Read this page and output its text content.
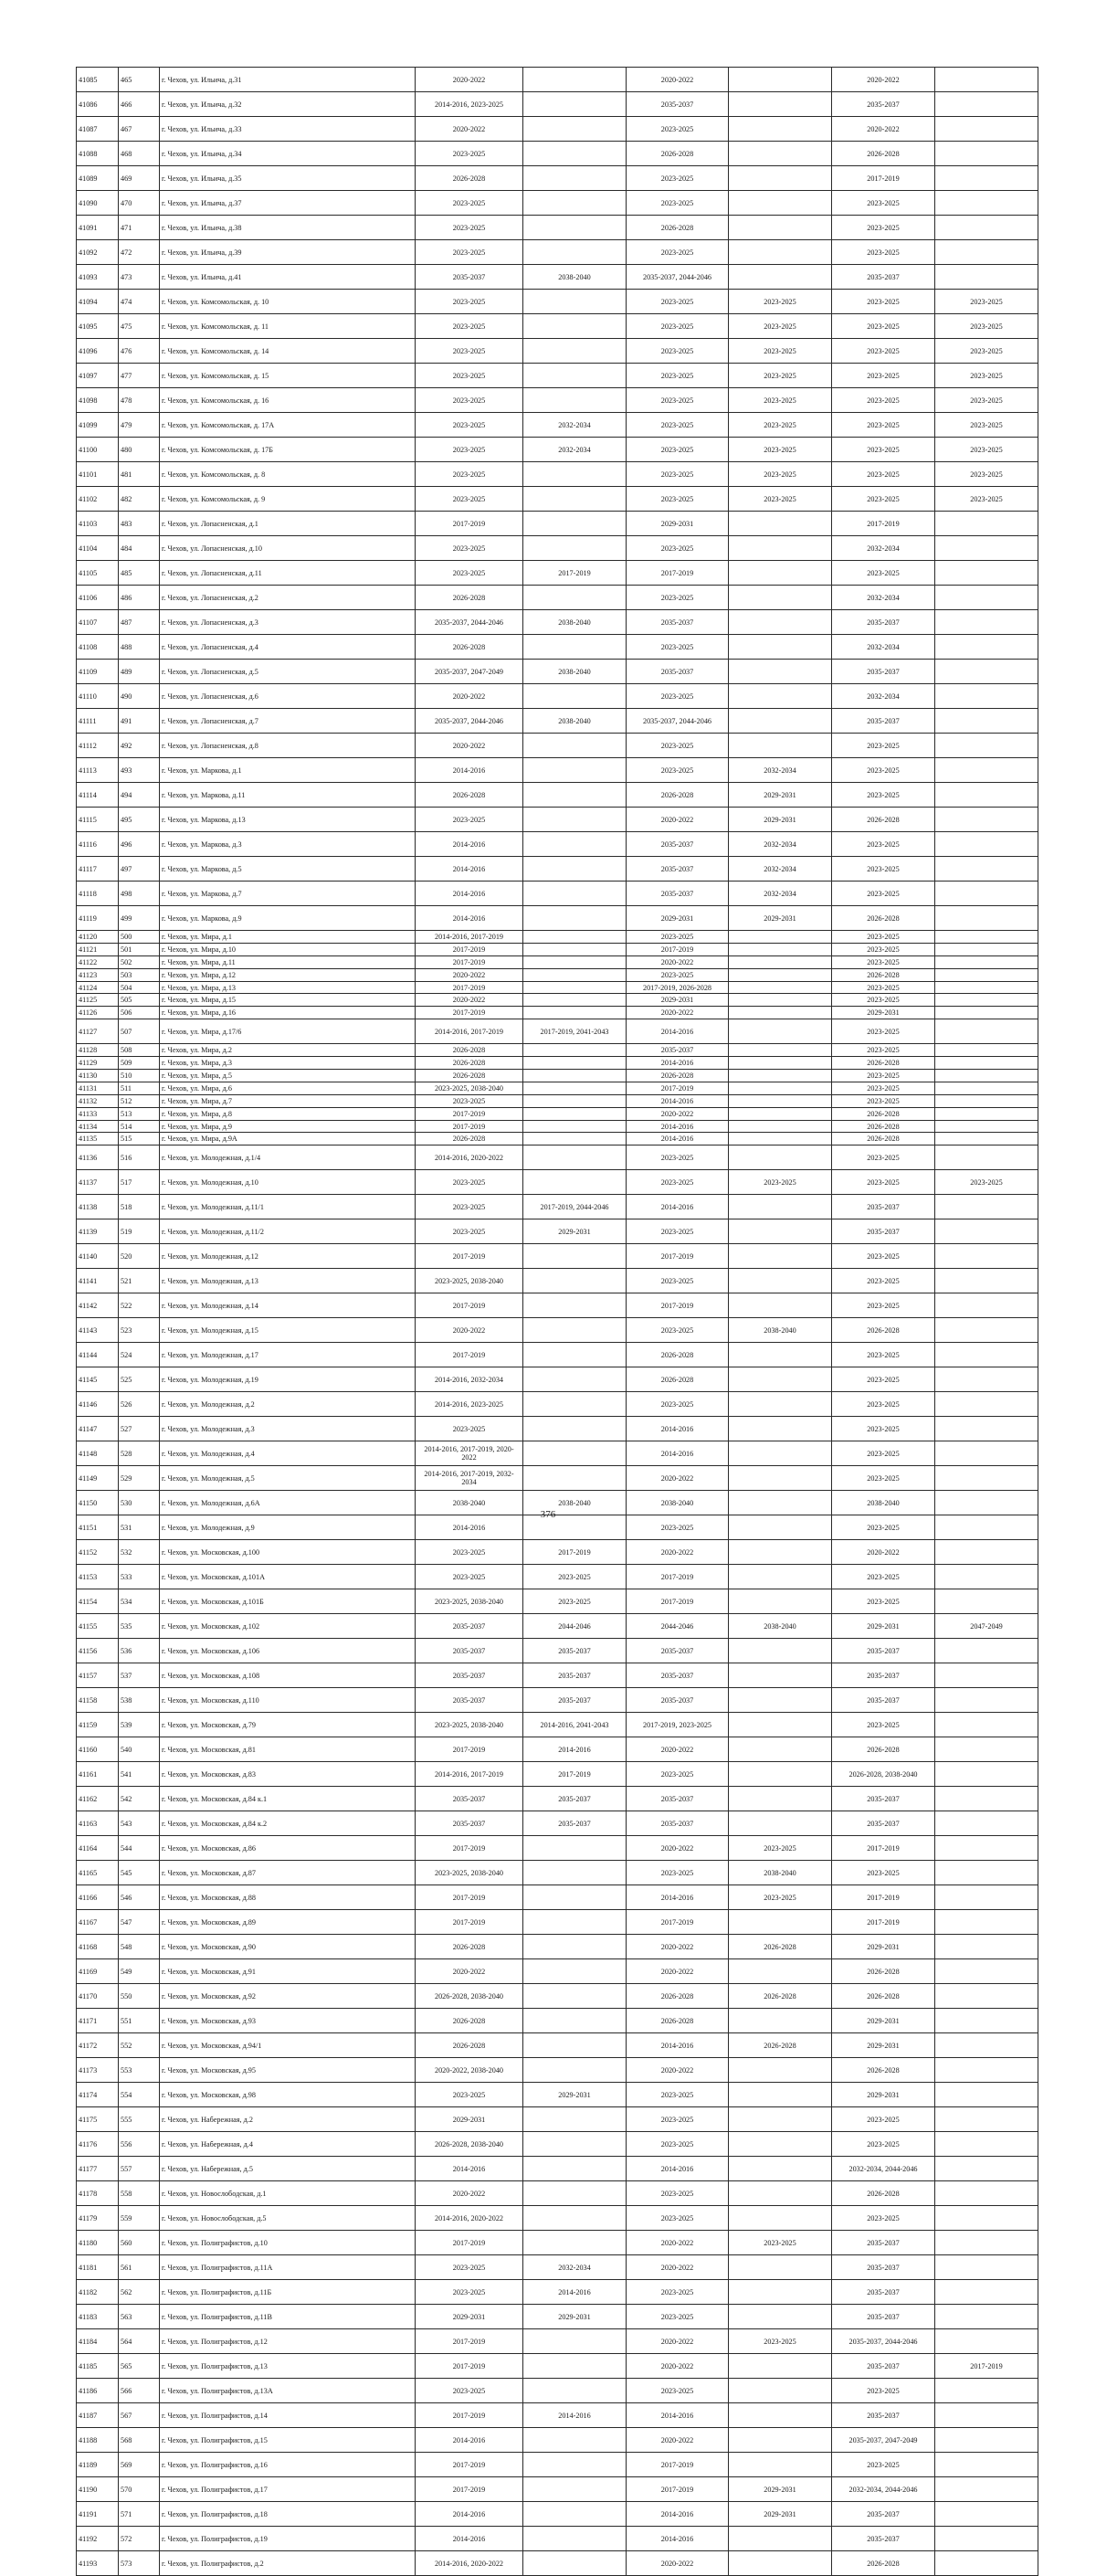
41085	465	г. Чехов, ул. Ильича, д.31	2020-2022		2020-2022		2020-2022	
41086	466	г. Чехов, ул. Ильича, д.32	2014-2016, 2023-2025		2035-2037		2035-2037	
41087	467	г. Чехов, ул. Ильича, д.33	2020-2022		2023-2025		2020-2022	
41088	468	г. Чехов, ул. Ильича, д.34	2023-2025		2026-2028		2026-2028	
41089	469	г. Чехов, ул. Ильича, д.35	2026-2028		2023-2025		2017-2019	
41090	470	г. Чехов, ул. Ильича, д.37	2023-2025		2023-2025		2023-2025	
41091	471	г. Чехов, ул. Ильича, д.38	2023-2025		2026-2028		2023-2025	
41092	472	г. Чехов, ул. Ильича, д.39	2023-2025		2023-2025		2023-2025	
41093	473	г. Чехов, ул. Ильича, д.41	2035-2037	2038-2040	2035-2037, 2044-2046		2035-2037	
41094	474	г. Чехов, ул. Комсомольская, д. 10	2023-2025		2023-2025	2023-2025	2023-2025	2023-2025
41095	475	г. Чехов, ул. Комсомольская, д. 11	2023-2025		2023-2025	2023-2025	2023-2025	2023-2025
41096	476	г. Чехов, ул. Комсомольская, д. 14	2023-2025		2023-2025	2023-2025	2023-2025	2023-2025
41097	477	г. Чехов, ул. Комсомольская, д. 15	2023-2025		2023-2025	2023-2025	2023-2025	2023-2025
41098	478	г. Чехов, ул. Комсомольская, д. 16	2023-2025		2023-2025	2023-2025	2023-2025	2023-2025
41099	479	г. Чехов, ул. Комсомольская, д. 17А	2023-2025	2032-2034	2023-2025	2023-2025	2023-2025	2023-2025
41100	480	г. Чехов, ул. Комсомольская, д. 17Б	2023-2025	2032-2034	2023-2025	2023-2025	2023-2025	2023-2025
41101	481	г. Чехов, ул. Комсомольская, д. 8	2023-2025		2023-2025	2023-2025	2023-2025	2023-2025
41102	482	г. Чехов, ул. Комсомольская, д. 9	2023-2025		2023-2025	2023-2025	2023-2025	2023-2025
41103	483	г. Чехов, ул. Лопасненская, д.1	2017-2019		2029-2031		2017-2019	
41104	484	г. Чехов, ул. Лопасненская, д.10	2023-2025		2023-2025		2032-2034	
41105	485	г. Чехов, ул. Лопасненская, д.11	2023-2025	2017-2019	2017-2019		2023-2025	
41106	486	г. Чехов, ул. Лопасненская, д.2	2026-2028		2023-2025		2032-2034	
41107	487	г. Чехов, ул. Лопасненская, д.3	2035-2037, 2044-2046	2038-2040	2035-2037		2035-2037	
41108	488	г. Чехов, ул. Лопасненская, д.4	2026-2028		2023-2025		2032-2034	
41109	489	г. Чехов, ул. Лопасненская, д.5	2035-2037, 2047-2049	2038-2040	2035-2037		2035-2037	
41110	490	г. Чехов, ул. Лопасненская, д.6	2020-2022		2023-2025		2032-2034	
41111	491	г. Чехов, ул. Лопасненская, д.7	2035-2037, 2044-2046	2038-2040	2035-2037, 2044-2046		2035-2037	
41112	492	г. Чехов, ул. Лопасненская, д.8	2020-2022		2023-2025		2023-2025	
41113	493	г. Чехов, ул. Маркова, д.1	2014-2016		2023-2025	2032-2034	2023-2025	
41114	494	г. Чехов, ул. Маркова, д.11	2026-2028		2026-2028	2029-2031	2023-2025	
41115	495	г. Чехов, ул. Маркова, д.13	2023-2025		2020-2022	2029-2031	2026-2028	
41116	496	г. Чехов, ул. Маркова, д.3	2014-2016		2035-2037	2032-2034	2023-2025	
41117	497	г. Чехов, ул. Маркова, д.5	2014-2016		2035-2037	2032-2034	2023-2025	
41118	498	г. Чехов, ул. Маркова, д.7	2014-2016		2035-2037	2032-2034	2023-2025	
41119	499	г. Чехов, ул. Маркова, д.9	2014-2016		2029-2031	2029-2031	2026-2028	
41120	500	г. Чехов, ул. Мира, д.1	2014-2016, 2017-2019		2023-2025		2023-2025	
41121	501	г. Чехов, ул. Мира, д.10	2017-2019		2017-2019		2023-2025	
41122	502	г. Чехов, ул. Мира, д.11	2017-2019		2020-2022		2023-2025	
41123	503	г. Чехов, ул. Мира, д.12	2020-2022		2023-2025		2026-2028	
41124	504	г. Чехов, ул. Мира, д.13	2017-2019		2017-2019, 2026-2028		2023-2025	
41125	505	г. Чехов, ул. Мира, д.15	2020-2022		2029-2031		2023-2025	
41126	506	г. Чехов, ул. Мира, д.16	2017-2019		2020-2022		2029-2031	
41127	507	г. Чехов, ул. Мира, д.17/6	2014-2016, 2017-2019	2017-2019, 2041-2043	2014-2016		2023-2025	
41128	508	г. Чехов, ул. Мира, д.2	2026-2028		2035-2037		2023-2025	
41129	509	г. Чехов, ул. Мира, д.3	2026-2028		2014-2016		2026-2028	
41130	510	г. Чехов, ул. Мира, д.5	2026-2028		2026-2028		2023-2025	
41131	511	г. Чехов, ул. Мира, д.6	2023-2025, 2038-2040		2017-2019		2023-2025	
41132	512	г. Чехов, ул. Мира, д.7	2023-2025		2014-2016		2023-2025	
41133	513	г. Чехов, ул. Мира, д.8	2017-2019		2020-2022		2026-2028	
41134	514	г. Чехов, ул. Мира, д.9	2017-2019		2014-2016		2026-2028	
41135	515	г. Чехов, ул. Мира, д.9А	2026-2028		2014-2016		2026-2028	
41136	516	г. Чехов, ул. Молодежная, д.1/4	2014-2016, 2020-2022		2023-2025		2023-2025	
41137	517	г. Чехов, ул. Молодежная, д.10	2023-2025		2023-2025	2023-2025	2023-2025	2023-2025
41138	518	г. Чехов, ул. Молодежная, д.11/1	2023-2025	2017-2019, 2044-2046	2014-2016		2035-2037	
41139	519	г. Чехов, ул. Молодежная, д.11/2	2023-2025	2029-2031	2023-2025		2035-2037	
41140	520	г. Чехов, ул. Молодежная, д.12	2017-2019		2017-2019		2023-2025	
41141	521	г. Чехов, ул. Молодежная, д.13	2023-2025, 2038-2040		2023-2025		2023-2025	
41142	522	г. Чехов, ул. Молодежная, д.14	2017-2019		2017-2019		2023-2025	
41143	523	г. Чехов, ул. Молодежная, д.15	2020-2022		2023-2025	2038-2040	2026-2028	
41144	524	г. Чехов, ул. Молодежная, д.17	2017-2019		2026-2028		2023-2025	
41145	525	г. Чехов, ул. Молодежная, д.19	2014-2016, 2032-2034		2026-2028		2023-2025	
41146	526	г. Чехов, ул. Молодежная, д.2	2014-2016, 2023-2025		2023-2025		2023-2025	
41147	527	г. Чехов, ул. Молодежная, д.3	2023-2025		2014-2016		2023-2025	
41148	528	г. Чехов, ул. Молодежная, д.4	2014-2016, 2017-2019, 2020-2022		2014-2016		2023-2025	
41149	529	г. Чехов, ул. Молодежная, д.5	2014-2016, 2017-2019, 2032-2034		2020-2022		2023-2025	
41150	530	г. Чехов, ул. Молодежная, д.6А	2038-2040	2038-2040	2038-2040		2038-2040	
41151	531	г. Чехов, ул. Молодежная, д.9	2014-2016		2023-2025		2023-2025	
41152	532	г. Чехов, ул. Московская, д.100	2023-2025	2017-2019	2020-2022		2020-2022	
41153	533	г. Чехов, ул. Московская, д.101А	2023-2025	2023-2025	2017-2019		2023-2025	
41154	534	г. Чехов, ул. Московская, д.101Б	2023-2025, 2038-2040	2023-2025	2017-2019		2023-2025	
41155	535	г. Чехов, ул. Московская, д.102	2035-2037	2044-2046	2044-2046	2038-2040	2029-2031	2047-2049
41156	536	г. Чехов, ул. Московская, д.106	2035-2037	2035-2037	2035-2037		2035-2037	
41157	537	г. Чехов, ул. Московская, д.108	2035-2037	2035-2037	2035-2037		2035-2037	
41158	538	г. Чехов, ул. Московская, д.110	2035-2037	2035-2037	2035-2037		2035-2037	
41159	539	г. Чехов, ул. Московская, д.79	2023-2025, 2038-2040	2014-2016, 2041-2043	2017-2019, 2023-2025		2023-2025	
41160	540	г. Чехов, ул. Московская, д.81	2017-2019	2014-2016	2020-2022		2026-2028	
41161	541	г. Чехов, ул. Московская, д.83	2014-2016, 2017-2019	2017-2019	2023-2025		2026-2028, 2038-2040	
41162	542	г. Чехов, ул. Московская, д.84 к.1	2035-2037	2035-2037	2035-2037		2035-2037	
41163	543	г. Чехов, ул. Московская, д.84 к.2	2035-2037	2035-2037	2035-2037		2035-2037	
41164	544	г. Чехов, ул. Московская, д.86	2017-2019		2020-2022	2023-2025	2017-2019	
41165	545	г. Чехов, ул. Московская, д.87	2023-2025, 2038-2040		2023-2025	2038-2040	2023-2025	
41166	546	г. Чехов, ул. Московская, д.88	2017-2019		2014-2016	2023-2025	2017-2019	
41167	547	г. Чехов, ул. Московская, д.89	2017-2019		2017-2019		2017-2019	
41168	548	г. Чехов, ул. Московская, д.90	2026-2028		2020-2022	2026-2028	2029-2031	
41169	549	г. Чехов, ул. Московская, д.91	2020-2022		2020-2022		2026-2028	
41170	550	г. Чехов, ул. Московская, д.92	2026-2028, 2038-2040		2026-2028	2026-2028	2026-2028	
41171	551	г. Чехов, ул. Московская, д.93	2026-2028		2026-2028		2029-2031	
41172	552	г. Чехов, ул. Московская, д.94/1	2026-2028		2014-2016	2026-2028	2029-2031	
41173	553	г. Чехов, ул. Московская, д.95	2020-2022, 2038-2040		2020-2022		2026-2028	
41174	554	г. Чехов, ул. Московская, д.98	2023-2025	2029-2031	2023-2025		2029-2031	
41175	555	г. Чехов, ул. Набережная, д.2	2029-2031		2023-2025		2023-2025	
41176	556	г. Чехов, ул. Набережная, д.4	2026-2028, 2038-2040		2023-2025		2023-2025	
41177	557	г. Чехов, ул. Набережная, д.5	2014-2016		2014-2016		2032-2034, 2044-2046	
41178	558	г. Чехов, ул. Новослободская, д.1	2020-2022		2023-2025		2026-2028	
41179	559	г. Чехов, ул. Новослободская, д.5	2014-2016, 2020-2022		2023-2025		2023-2025	
41180	560	г. Чехов, ул. Полиграфистов, д.10	2017-2019		2020-2022	2023-2025	2035-2037	
41181	561	г. Чехов, ул. Полиграфистов, д.11А	2023-2025	2032-2034	2020-2022		2035-2037	
41182	562	г. Чехов, ул. Полиграфистов, д.11Б	2023-2025	2014-2016	2023-2025		2035-2037	
41183	563	г. Чехов, ул. Полиграфистов, д.11В	2029-2031	2029-2031	2023-2025		2035-2037	
41184	564	г. Чехов, ул. Полиграфистов, д.12	2017-2019		2020-2022	2023-2025	2035-2037, 2044-2046	
41185	565	г. Чехов, ул. Полиграфистов, д.13	2017-2019		2020-2022		2035-2037	2017-2019
41186	566	г. Чехов, ул. Полиграфистов, д.13А	2023-2025		2023-2025		2023-2025	
41187	567	г. Чехов, ул. Полиграфистов, д.14	2017-2019	2014-2016	2014-2016		2035-2037	
41188	568	г. Чехов, ул. Полиграфистов, д.15	2014-2016		2020-2022		2035-2037, 2047-2049	
41189	569	г. Чехов, ул. Полиграфистов, д.16	2017-2019		2017-2019		2023-2025	
41190	570	г. Чехов, ул. Полиграфистов, д.17	2017-2019		2017-2019	2029-2031	2032-2034, 2044-2046	
41191	571	г. Чехов, ул. Полиграфистов, д.18	2014-2016		2014-2016	2029-2031	2035-2037	
41192	572	г. Чехов, ул. Полиграфистов, д.19	2014-2016		2014-2016		2035-2037	
41193	573	г. Чехов, ул. Полиграфистов, д.2	2014-2016, 2020-2022		2020-2022		2026-2028	
376
